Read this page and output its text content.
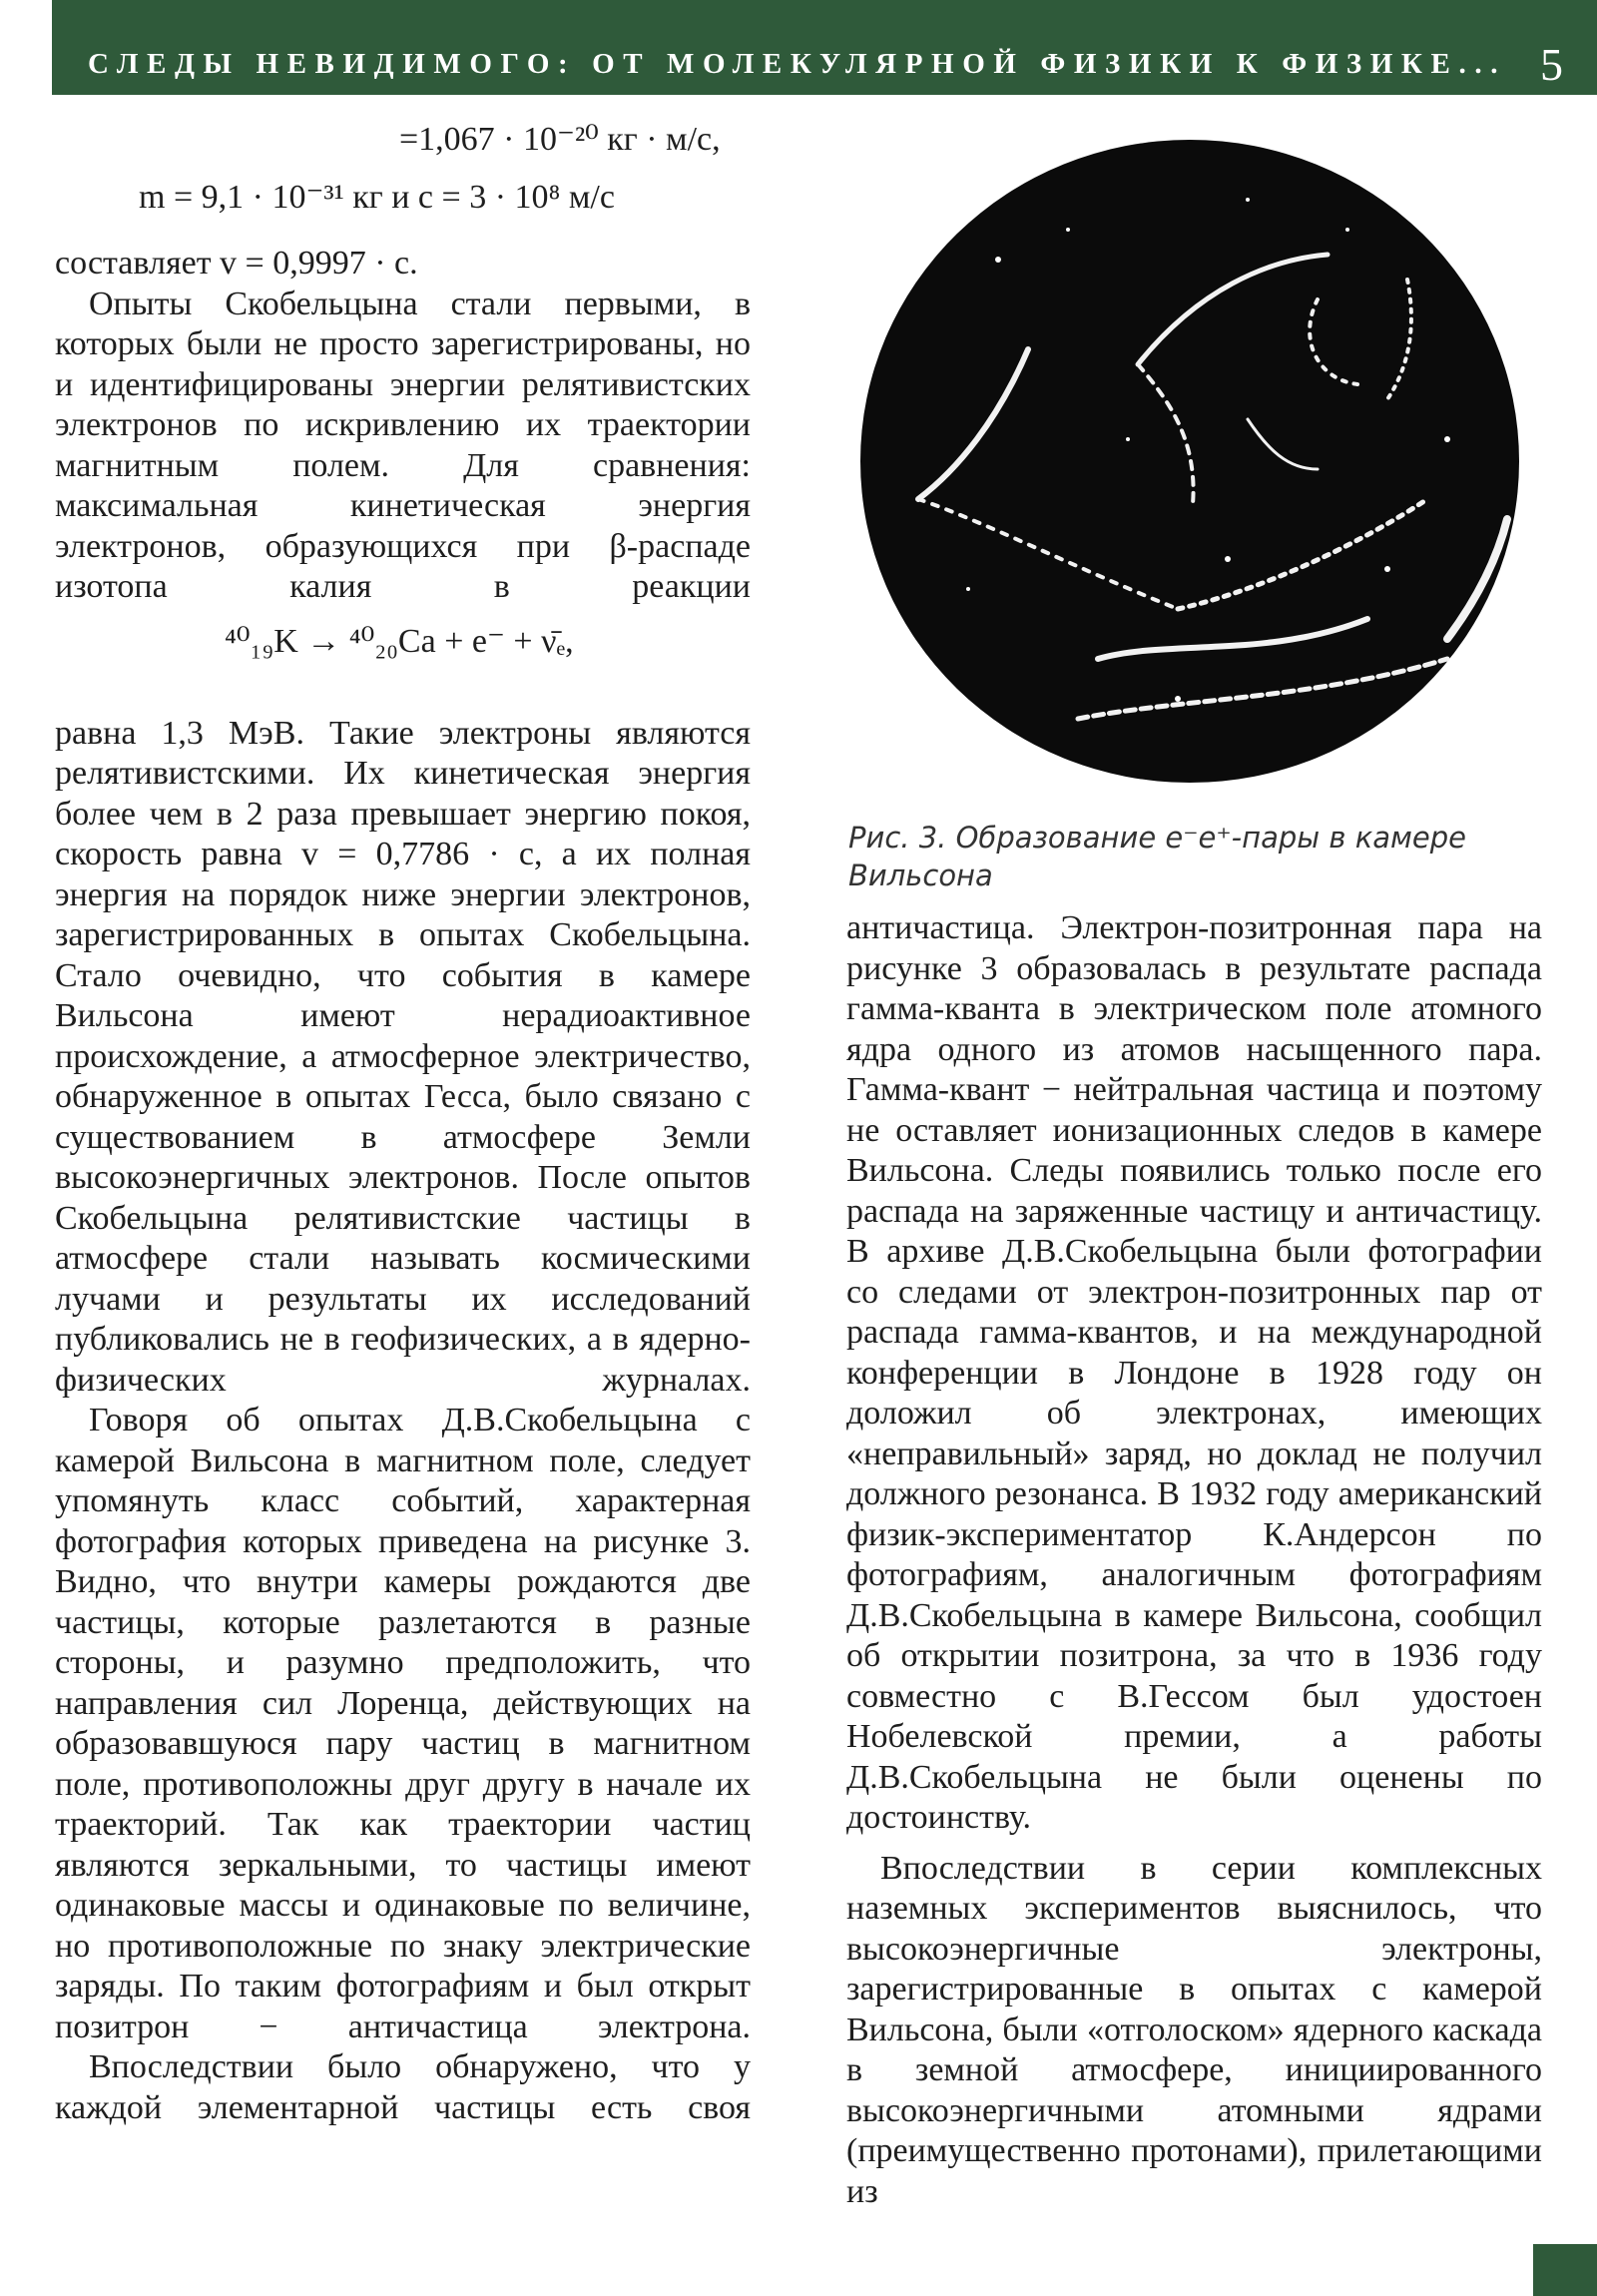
СЛЕДЫ НЕВИДИМОГО: ОТ МОЛЕКУЛЯРНОЙ ФИЗИКИ К ФИЗИКЕ... 5
=1,067 · 10⁻²⁰ кг · м/с,
m = 9,1 · 10⁻³¹ кг и c = 3 · 10⁸ м/с

составляет v = 0,9997 · c.

Опыты Скобельцына стали первыми, в которых были не просто зарегистрированы, но и идентифицированы энергии релятивистских электронов по искривлению их траектории магнитным полем. Для сравнения: максимальная кинетическая энергия электронов, образующихся при β-распаде изотопа калия в реакции

⁴⁰₁₉K → ⁴⁰₂₀Ca + e⁻ + ν̄ₑ,

равна 1,3 МэВ. Такие электроны являются релятивистскими. Их кинетическая энергия более чем в 2 раза превышает энергию покоя, скорость равна v = 0,7786 · c, а их полная энергия на порядок ниже энергии электронов, зарегистрированных в опытах Скобельцына. Стало очевидно, что события в камере Вильсона имеют нерадиоактивное происхождение, а атмосферное электричество, обнаруженное в опытах Гесса, было связано с существованием в атмосфере Земли высокоэнергичных электронов. После опытов Скобельцына релятивистские частицы в атмосфере стали называть космическими лучами и результаты их исследований публиковались не в геофизических, а в ядерно-физических журналах.

Говоря об опытах Д.В.Скобельцына с камерой Вильсона в магнитном поле, следует упомянуть класс событий, характерная фотография которых приведена на рисунке 3. Видно, что внутри камеры рождаются две частицы, которые разлетаются в разные стороны, и разумно предположить, что направления сил Лоренца, действующих на образовавшуюся пару частиц в магнитном поле, противоположны друг другу в начале их траекторий. Так как траектории частиц являются зеркальными, то частицы имеют одинаковые массы и одинаковые по величине, но противоположные по знаку электрические заряды. По таким фотографиям и был открыт позитрон − античастица электрона.

Впоследствии было обнаружено, что у каждой элементарной частицы есть своя

Рис. 3. Образование e⁻e⁺-пары в камере Вильсона

античастица. Электрон-позитронная пара на рисунке 3 образовалась в результате распада гамма-кванта в электрическом поле атомного ядра одного из атомов насыщенного пара. Гамма-квант − нейтральная частица и поэтому не оставляет ионизационных следов в камере Вильсона. Следы появились только после его распада на заряженные частицу и античастицу. В архиве Д.В.Скобельцына были фотографии со следами от электрон-позитронных пар от распада гамма-квантов, и на международной конференции в Лондоне в 1928 году он доложил об электронах, имеющих «неправильный» заряд, но доклад не получил должного резонанса. В 1932 году американский физик-экспериментатор К.Андерсон по фотографиям, аналогичным фотографиям Д.В.Скобельцына в камере Вильсона, сообщил об открытии позитрона, за что в 1936 году совместно с В.Гессом был удостоен Нобелевской премии, а работы Д.В.Скобельцына не были оценены по достоинству.

Впоследствии в серии комплексных наземных экспериментов выяснилось, что высокоэнергичные электроны, зарегистрированные в опытах с камерой Вильсона, были «отголоском» ядерного каскада в земной атмосфере, инициированного высокоэнергичными атомными ядрами (преимущественно протонами), прилетающими из
